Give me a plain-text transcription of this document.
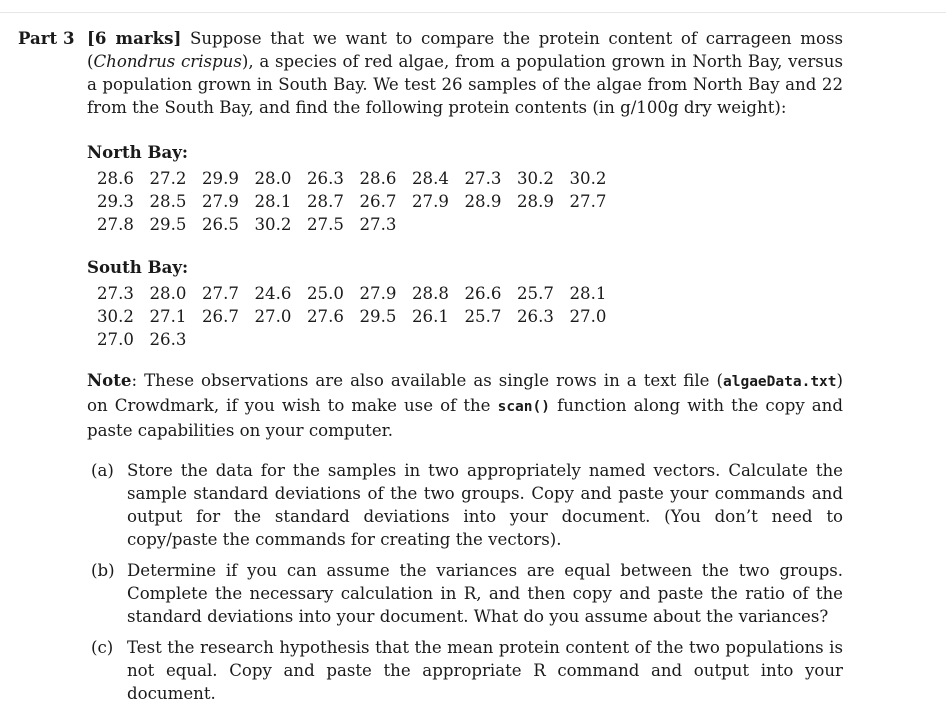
Part 3 [6 marks] Suppose that we want to compare the protein content of carrageen moss (Chondrus crispus), a species of red algae, from a population grown in North Bay, versus a population grown in South Bay. We test 26 samples of the algae from North Bay and 22 from the South Bay, and find the following protein contents (in g/100g dry weight):
North Bay:
28.6 27.2 29.9 28.0 26.3 28.6 28.4 27.3 30.2 30.2
29.3 28.5 27.9 28.1 28.7 26.7 27.9 28.9 28.9 27.7
27.8 29.5 26.5 30.2 27.5 27.3
South Bay:
27.3 28.0 27.7 24.6 25.0 27.9 28.8 26.6 25.7 28.1
30.2 27.1 26.7 27.0 27.6 29.5 26.1 25.7 26.3 27.0
27.0 26.3
Note: These observations are also available as single rows in a text file (algaeData.txt) on Crowdmark, if you wish to make use of the scan() function along with the copy and paste capabilities on your computer.
(a) Store the data for the samples in two appropriately named vectors. Calculate the sample standard deviations of the two groups. Copy and paste your commands and output for the standard deviations into your document. (You don’t need to copy/paste the commands for creating the vectors).
(b) Determine if you can assume the variances are equal between the two groups. Complete the necessary calculation in R, and then copy and paste the ratio of the standard deviations into your document. What do you assume about the variances?
(c) Test the research hypothesis that the mean protein content of the two populations is not equal. Copy and paste the appropriate R command and output into your document.
